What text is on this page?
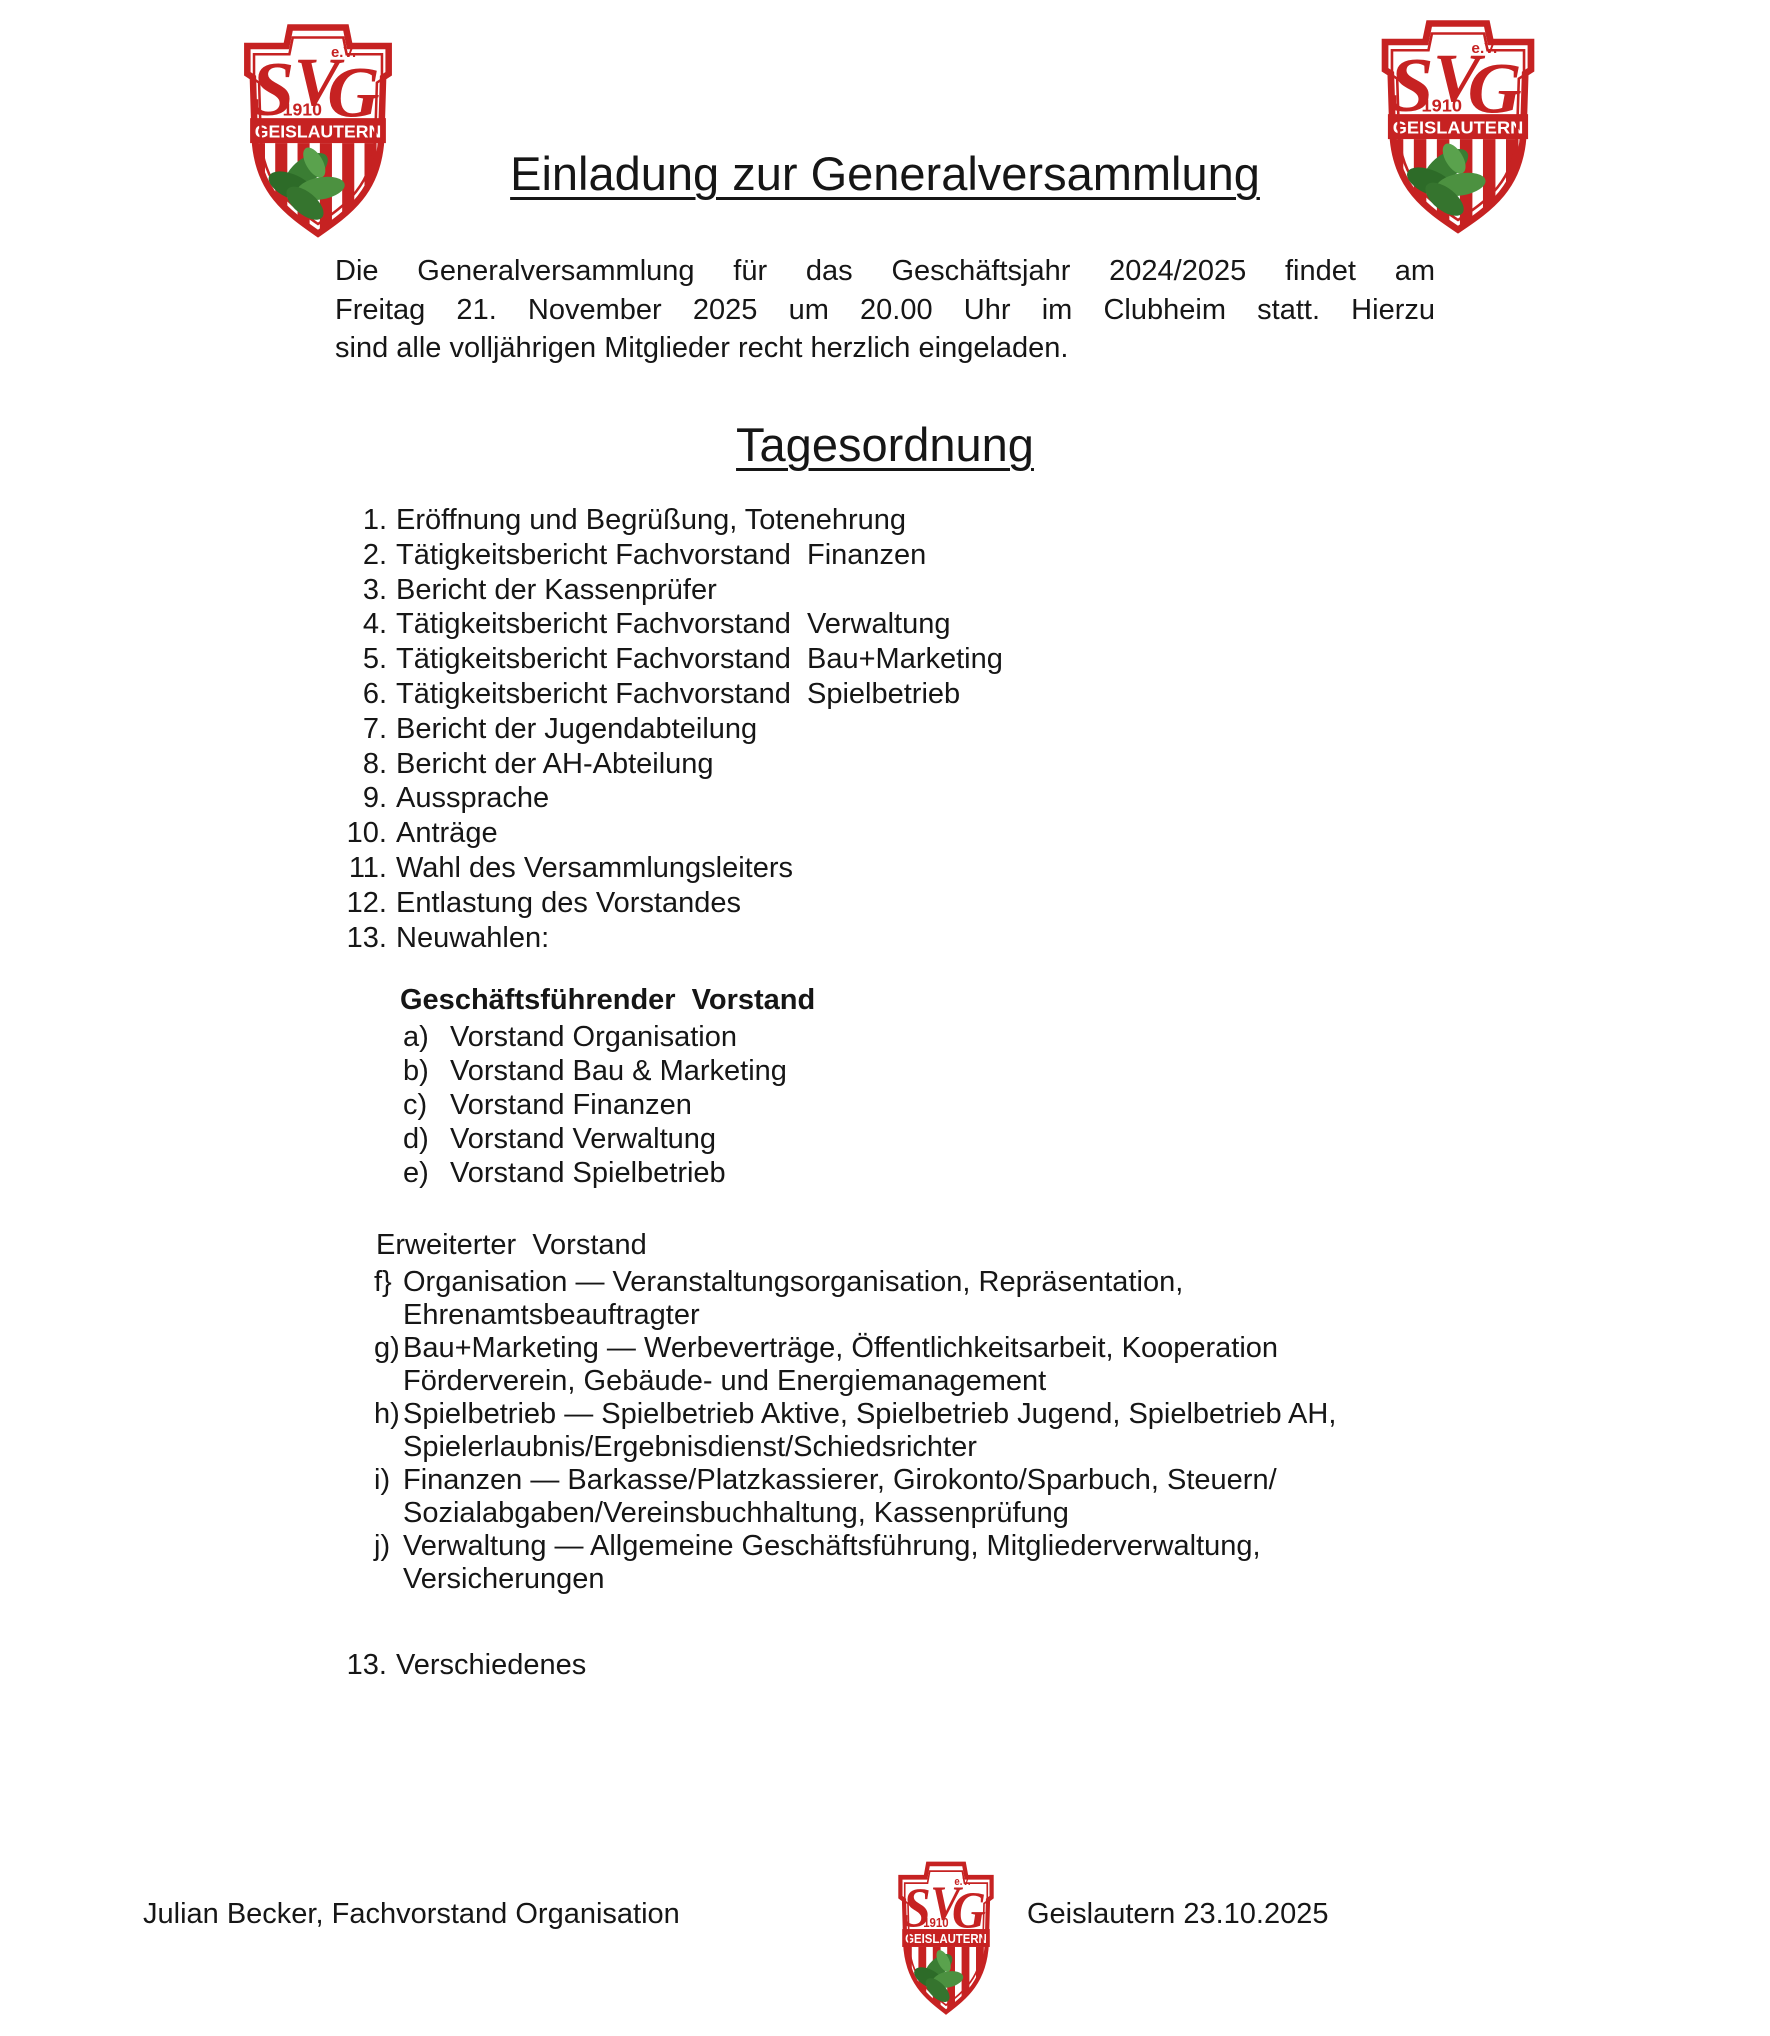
Einladung zur Generalversammlung
Die Generalversammlung für das Geschäftsjahr 2024/2025 findet am
Freitag 21. November 2025 um 20.00 Uhr im Clubheim statt. Hierzu
sind alle volljährigen Mitglieder recht herzlich eingeladen.
Tagesordnung
1. Eröffnung und Begrüßung, Totenehrung
2. Tätigkeitsbericht Fachvorstand  Finanzen
3. Bericht der Kassenprüfer
4. Tätigkeitsbericht Fachvorstand  Verwaltung
5. Tätigkeitsbericht Fachvorstand  Bau+Marketing
6. Tätigkeitsbericht Fachvorstand  Spielbetrieb
7. Bericht der Jugendabteilung
8. Bericht der AH-Abteilung
9. Aussprache
10. Anträge
11. Wahl des Versammlungsleiters
12. Entlastung des Vorstandes
13. Neuwahlen:
Geschäftsführender  Vorstand
a) Vorstand Organisation
b) Vorstand Bau & Marketing
c) Vorstand Finanzen
d) Vorstand Verwaltung
e) Vorstand Spielbetrieb
Erweiterter  Vorstand
f} Organisation — Veranstaltungsorganisation, Repräsentation,
Ehrenamtsbeauftragter
g) Bau+Marketing — Werbeverträge, Öffentlichkeitsarbeit, Kooperation
Förderverein, Gebäude- und Energiemanagement
h) Spielbetrieb — Spielbetrieb Aktive, Spielbetrieb Jugend, Spielbetrieb AH,
Spielerlaubnis/Ergebnisdienst/Schiedsrichter
i) Finanzen — Barkasse/Platzkassierer, Girokonto/Sparbuch, Steuern/
Sozialabgaben/Vereinsbuchhaltung, Kassenprüfung
j) Verwaltung — Allgemeine Geschäftsführung, Mitgliederverwaltung,
Versicherungen
13. Verschiedenes
Julian Becker, Fachvorstand Organisation	Geislautern 23.10.2025
